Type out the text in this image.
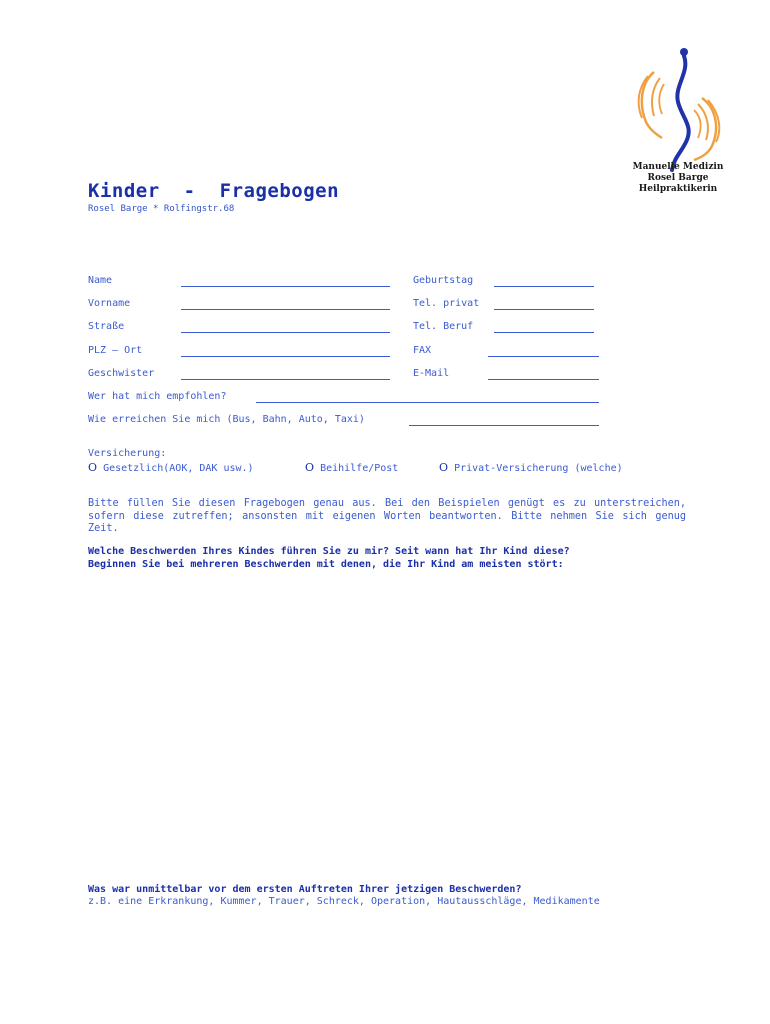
Manuelle Medizin
Rosel Barge
Heilpraktikerin
Kinder - Fragebogen
Rosel Barge * Rolfingstr.68
Name
Vorname
Straße
PLZ – Ort
Geschwister
Geburtstag
Tel. privat
Tel. Beruf
FAX
E-Mail
Wer hat mich empfohlen?
Wie erreichen Sie mich (Bus, Bahn, Auto, Taxi)
Versicherung:
O Gesetzlich(AOK, DAK usw.)	O Beihilfe/Post	O Privat-Versicherung (welche)
Bitte füllen Sie diesen Fragebogen genau aus. Bei den Beispielen genügt es zu unterstreichen, sofern diese zutreffen; ansonsten mit eigenen Worten beantworten. Bitte nehmen Sie sich genug Zeit.
Welche Beschwerden Ihres Kindes führen Sie zu mir? Seit wann hat Ihr Kind diese?
Beginnen Sie bei mehreren Beschwerden mit denen, die Ihr Kind am meisten stört:
Was war unmittelbar vor dem ersten Auftreten Ihrer jetzigen Beschwerden?
z.B. eine Erkrankung, Kummer, Trauer, Schreck, Operation, Hautausschläge, Medikamente
